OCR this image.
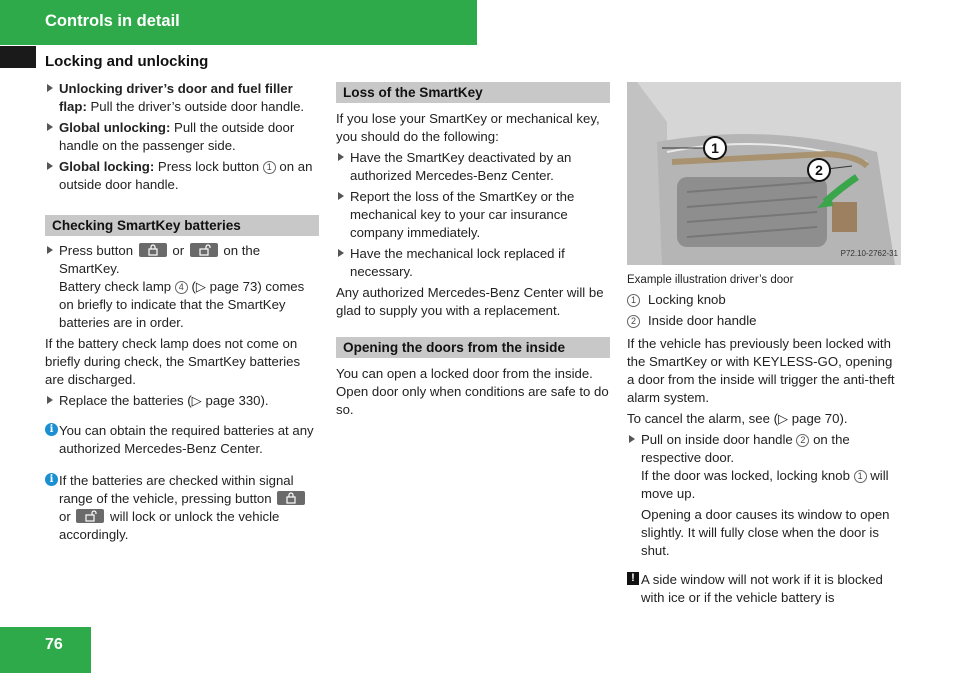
Controls in detail
Locking and unlocking

Unlocking driver’s door and fuel filler flap: Pull the driver’s outside door handle.

Global unlocking: Pull the outside door handle on the passenger side.

Global locking: Press lock button 1 on an outside door handle.

Checking SmartKey batteries

Press button
or
on the SmartKey.

Battery check lamp 4 (▷ page 73) comes on briefly to indicate that the SmartKey batteries are in order.

If the battery check lamp does not come on briefly during check, the SmartKey batteries are discharged.

Replace the batteries (▷ page 330).

i You can obtain the required batteries at any authorized Mercedes-Benz Center.

i If the batteries are checked within signal range of the vehicle, pressing button
or
will lock or unlock the vehicle accordingly.

Loss of the SmartKey

If you lose your SmartKey or mechanical key, you should do the following:

Have the SmartKey deactivated by an authorized Mercedes-Benz Center.

Report the loss of the SmartKey or the mechanical key to your car insurance company immediately.

Have the mechanical lock replaced if necessary.

Any authorized Mercedes-Benz Center will be glad to supply you with a replacement.

Opening the doors from the inside

You can open a locked door from the inside. Open door only when conditions are safe to do so.

1
2
P72.10-2762-31

Example illustration driver’s door

1 Locking knob

2 Inside door handle

If the vehicle has previously been locked with the SmartKey or with KEYLESS-GO, opening a door from the inside will trigger the anti-theft alarm system.

To cancel the alarm, see (▷ page 70).

Pull on inside door handle 2 on the respective door.

If the door was locked, locking knob 1 will move up.

Opening a door causes its window to open slightly. It will fully close when the door is shut.

! A side window will not work if it is blocked with ice or if the vehicle battery is

76
